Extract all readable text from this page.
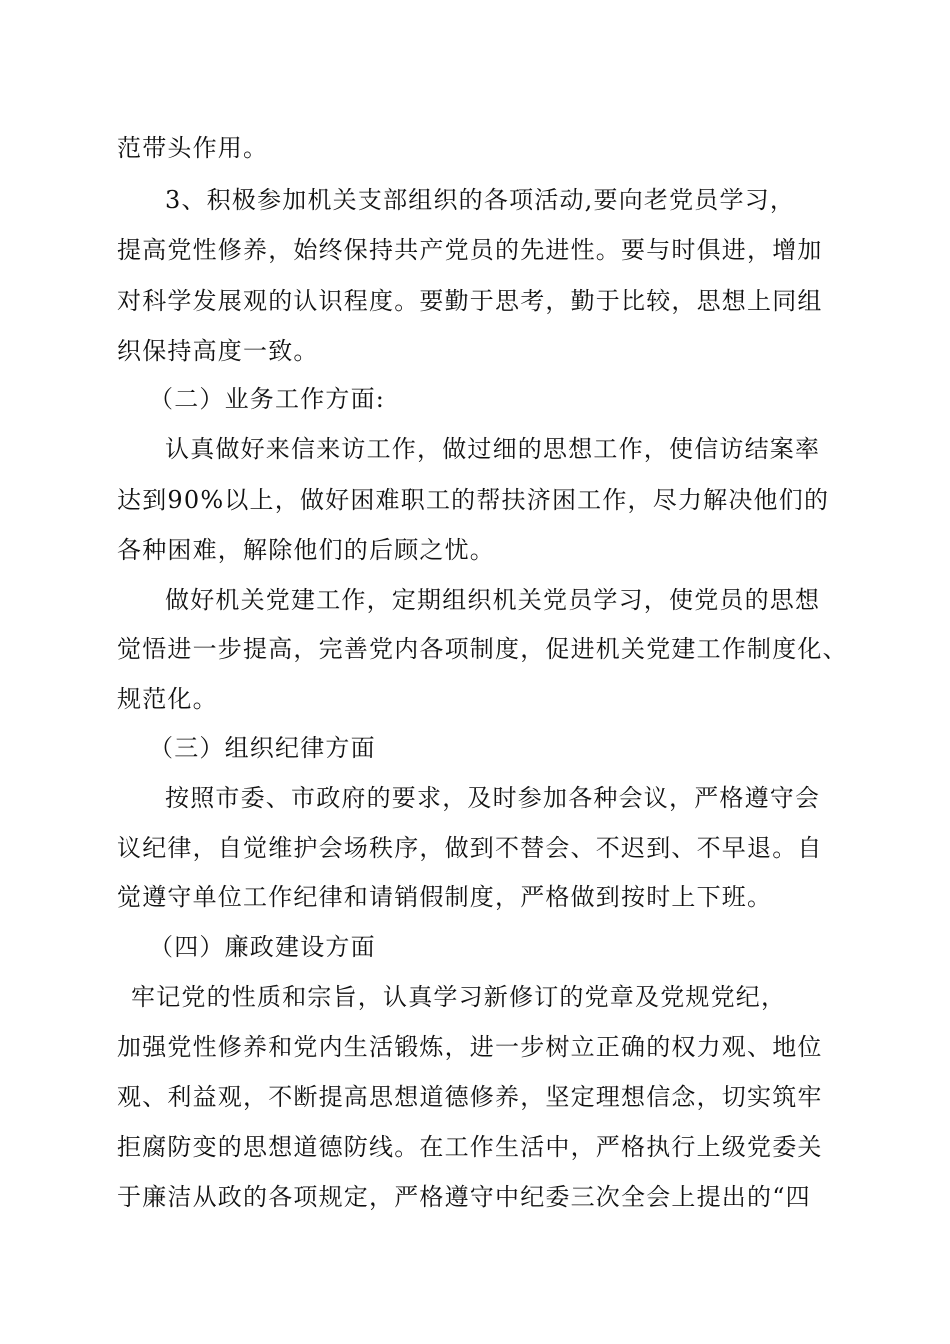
范带头作用。
3、积极参加机关支部组织的各项活动,要向老党员学习，
提高党性修养，始终保持共产党员的先进性。要与时俱进，增加
对科学发展观的认识程度。要勤于思考，勤于比较，思想上同组
织保持高度一致。
（二）业务工作方面:
认真做好来信来访工作，做过细的思想工作，使信访结案率
达到90%以上，做好困难职工的帮扶济困工作，尽力解决他们的
各种困难，解除他们的后顾之忧。
做好机关党建工作，定期组织机关党员学习，使党员的思想
觉悟进一步提高，完善党内各项制度，促进机关党建工作制度化、
规范化。
（三）组织纪律方面
按照市委、市政府的要求，及时参加各种会议，严格遵守会
议纪律，自觉维护会场秩序，做到不替会、不迟到、不早退。自
觉遵守单位工作纪律和请销假制度，严格做到按时上下班。
（四）廉政建设方面
牢记党的性质和宗旨，认真学习新修订的党章及党规党纪，
加强党性修养和党内生活锻炼，进一步树立正确的权力观、地位
观、利益观，不断提高思想道德修养，坚定理想信念，切实筑牢
拒腐防变的思想道德防线。在工作生活中，严格执行上级党委关
于廉洁从政的各项规定，严格遵守中纪委三次全会上提出的“四
